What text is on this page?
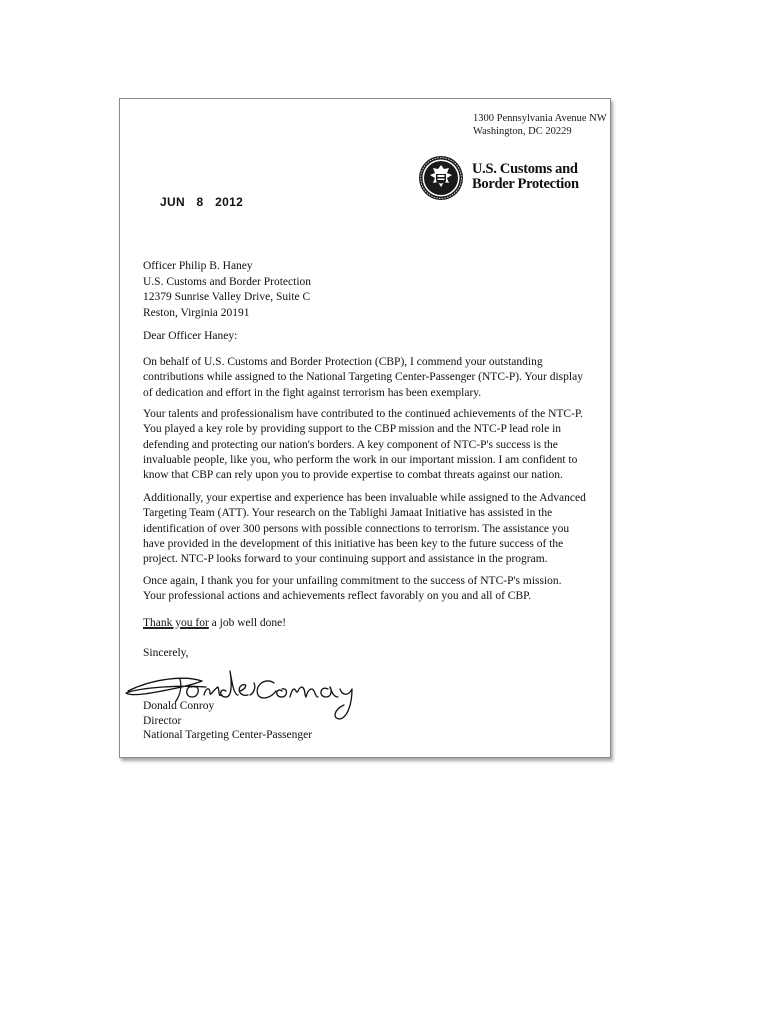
1300 Pennsylvania Avenue NW
Washington, DC 20229
U.S. Customs and
Border Protection
JUN 8 2012
Officer Philip B. Haney
U.S. Customs and Border Protection
12379 Sunrise Valley Drive, Suite C
Reston, Virginia 20191
Dear Officer Haney:
On behalf of U.S. Customs and Border Protection (CBP), I commend your outstanding
contributions while assigned to the National Targeting Center-Passenger (NTC-P). Your display
of dedication and effort in the fight against terrorism has been exemplary.
Your talents and professionalism have contributed to the continued achievements of the NTC-P.
You played a key role by providing support to the CBP mission and the NTC-P lead role in
defending and protecting our nation's borders. A key component of NTC-P's success is the
invaluable people, like you, who perform the work in our important mission. I am confident to
know that CBP can rely upon you to provide expertise to combat threats against our nation.
Additionally, your expertise and experience has been invaluable while assigned to the Advanced
Targeting Team (ATT). Your research on the Tablighi Jamaat Initiative has assisted in the
identification of over 300 persons with possible connections to terrorism. The assistance you
have provided in the development of this initiative has been key to the future success of the
project. NTC-P looks forward to your continuing support and assistance in the program.
Once again, I thank you for your unfailing commitment to the success of NTC-P's mission.
Your professional actions and achievements reflect favorably on you and all of CBP.
Thank you for a job well done!
Sincerely,
Donald Conroy
Director
National Targeting Center-Passenger
